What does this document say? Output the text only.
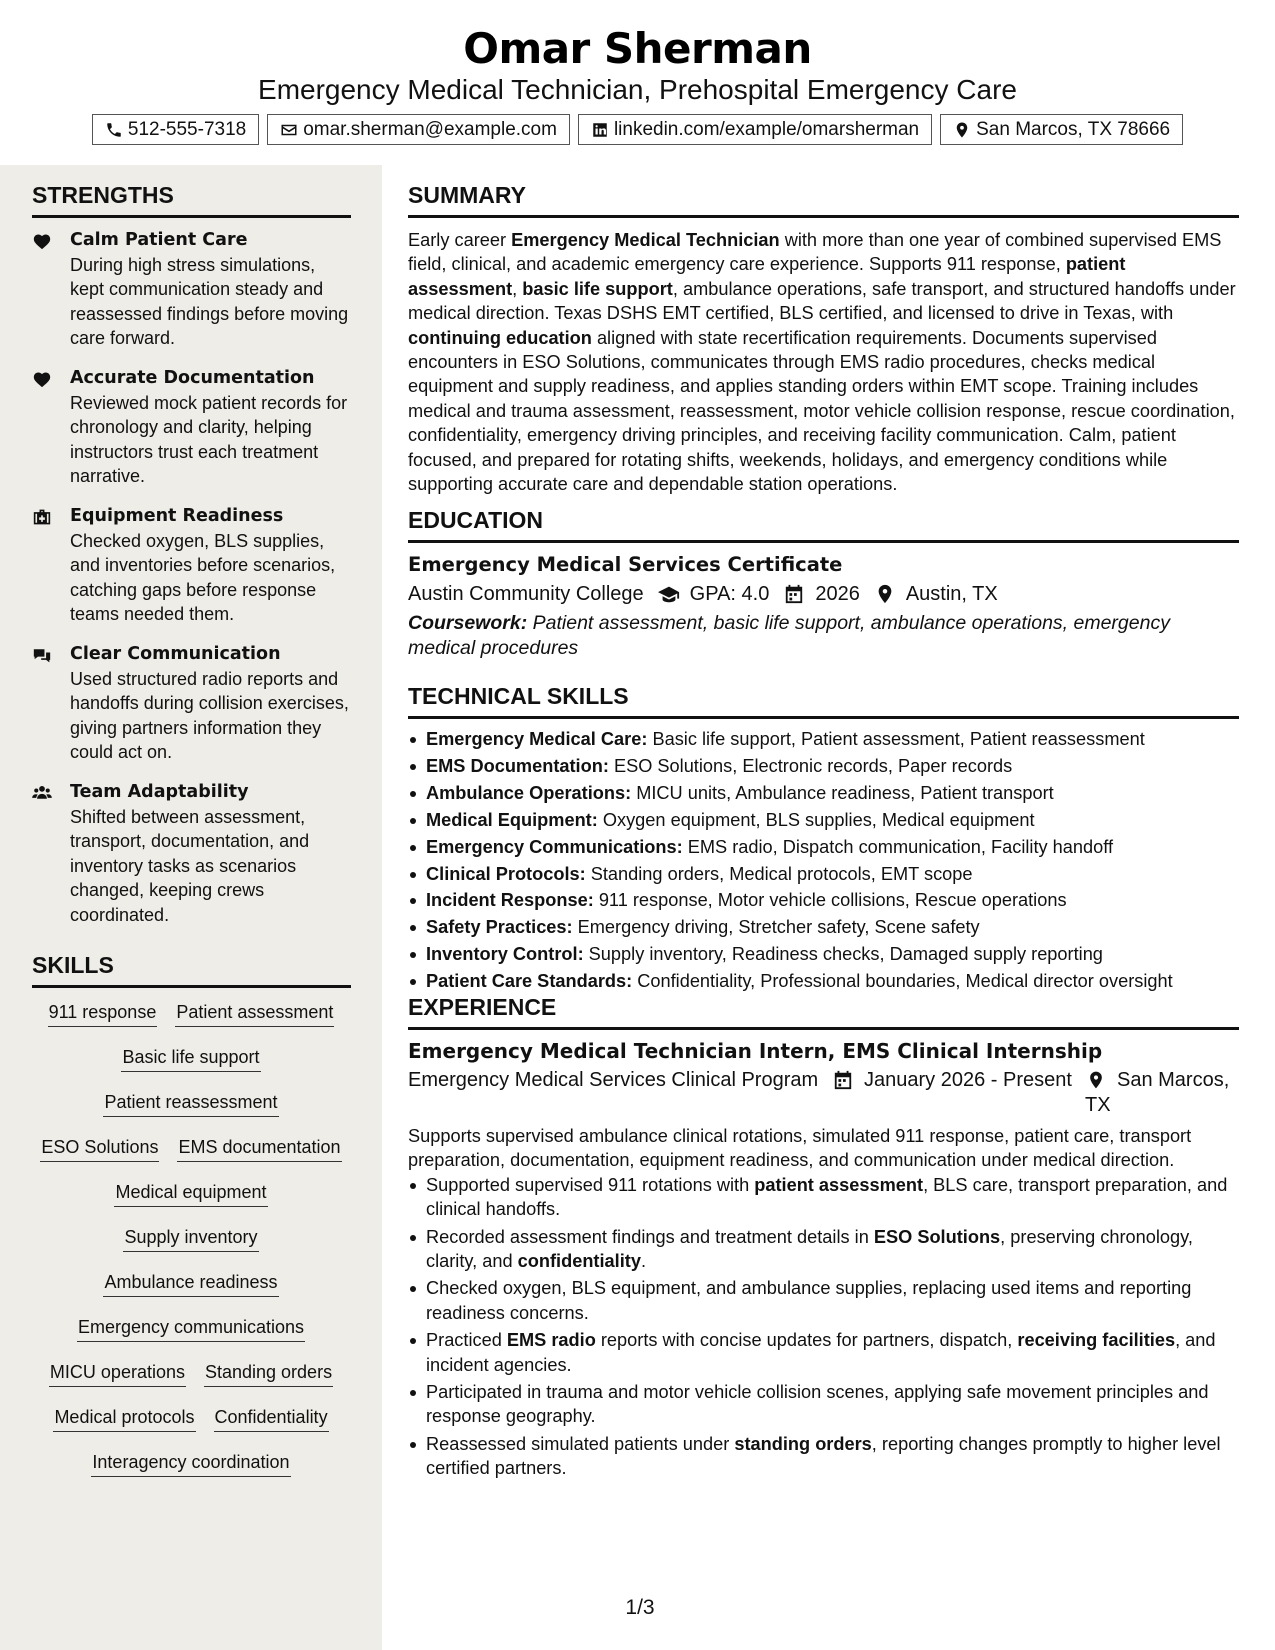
Omar Sherman
Emergency Medical Technician, Prehospital Emergency Care
512-555-7318	omar.sherman@example.com	linkedin.com/example/omarsherman	San Marcos, TX 78666
STRENGTHS
Calm Patient Care
During high stress simulations, kept communication steady and reassessed findings before moving care forward.
Accurate Documentation
Reviewed mock patient records for chronology and clarity, helping instructors trust each treatment narrative.
Equipment Readiness
Checked oxygen, BLS supplies, and inventories before scenarios, catching gaps before response teams needed them.
Clear Communication
Used structured radio reports and handoffs during collision exercises, giving partners information they could act on.
Team Adaptability
Shifted between assessment, transport, documentation, and inventory tasks as scenarios changed, keeping crews coordinated.
SKILLS
911 response Patient assessment
Basic life support
Patient reassessment
ESO Solutions EMS documentation
Medical equipment
Supply inventory
Ambulance readiness
Emergency communications
MICU operations Standing orders
Medical protocols Confidentiality
Interagency coordination
SUMMARY
Early career Emergency Medical Technician with more than one year of combined supervised EMS field, clinical, and academic emergency care experience. Supports 911 response, patient assessment, basic life support, ambulance operations, safe transport, and structured handoffs under medical direction. Texas DSHS EMT certified, BLS certified, and licensed to drive in Texas, with continuing education aligned with state recertification requirements. Documents supervised encounters in ESO Solutions, communicates through EMS radio procedures, checks medical equipment and supply readiness, and applies standing orders within EMT scope. Training includes medical and trauma assessment, reassessment, motor vehicle collision response, rescue coordination, confidentiality, emergency driving principles, and receiving facility communication. Calm, patient focused, and prepared for rotating shifts, weekends, holidays, and emergency conditions while supporting accurate care and dependable station operations.
EDUCATION
Emergency Medical Services Certificate
Austin Community College GPA: 4.0 2026 Austin, TX
Coursework: Patient assessment, basic life support, ambulance operations, emergency medical procedures
TECHNICAL SKILLS
Emergency Medical Care: Basic life support, Patient assessment, Patient reassessment
EMS Documentation: ESO Solutions, Electronic records, Paper records
Ambulance Operations: MICU units, Ambulance readiness, Patient transport
Medical Equipment: Oxygen equipment, BLS supplies, Medical equipment
Emergency Communications: EMS radio, Dispatch communication, Facility handoff
Clinical Protocols: Standing orders, Medical protocols, EMT scope
Incident Response: 911 response, Motor vehicle collisions, Rescue operations
Safety Practices: Emergency driving, Stretcher safety, Scene safety
Inventory Control: Supply inventory, Readiness checks, Damaged supply reporting
Patient Care Standards: Confidentiality, Professional boundaries, Medical director oversight
EXPERIENCE
Emergency Medical Technician Intern, EMS Clinical Internship
Emergency Medical Services Clinical Program January 2026 - Present	San Marcos, TX
Supports supervised ambulance clinical rotations, simulated 911 response, patient care, transport preparation, documentation, equipment readiness, and communication under medical direction.
Supported supervised 911 rotations with patient assessment, BLS care, transport preparation, and clinical handoffs.
Recorded assessment findings and treatment details in ESO Solutions, preserving chronology, clarity, and confidentiality.
Checked oxygen, BLS equipment, and ambulance supplies, replacing used items and reporting readiness concerns.
Practiced EMS radio reports with concise updates for partners, dispatch, receiving facilities, and incident agencies.
Participated in trauma and motor vehicle collision scenes, applying safe movement principles and response geography.
Reassessed simulated patients under standing orders, reporting changes promptly to higher level certified partners.
1/3
